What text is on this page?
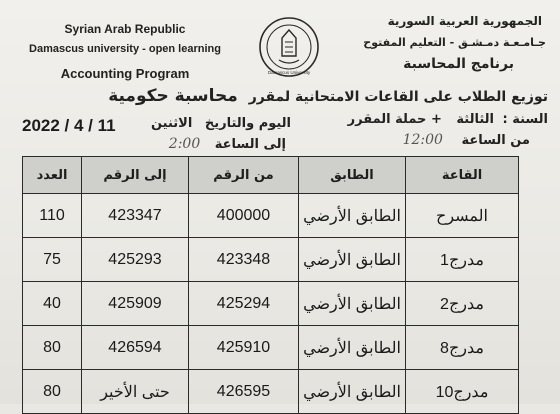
Syrian Arab Republic
Damascus university - open learning
Accounting Program	Damascus University
الجمهورية العربية السورية
جـامـعـة دمـشـق - التعليم المفتوح
برنامج المحاسبة
توزيع الطلاب على القاعات الامتحانية لمقرر محاسبة حكومية
السنة : الثالثة + حملة المقرر
من الساعة 12:00
2022 / 4 / 11	اليوم والتاريخ الاثنين
إلى الساعة 2:00
القاعة	الطابق	من الرقم	إلى الرقم	العدد
المسرح	الطابق الأرضي	400000	423347	110
مدرج1	الطابق الأرضي	423348	425293	75
مدرج2	الطابق الأرضي	425294	425909	40
مدرج8	الطابق الأرضي	425910	426594	80
مدرج10	الطابق الأرضي	426595	حتى الأخير	80
